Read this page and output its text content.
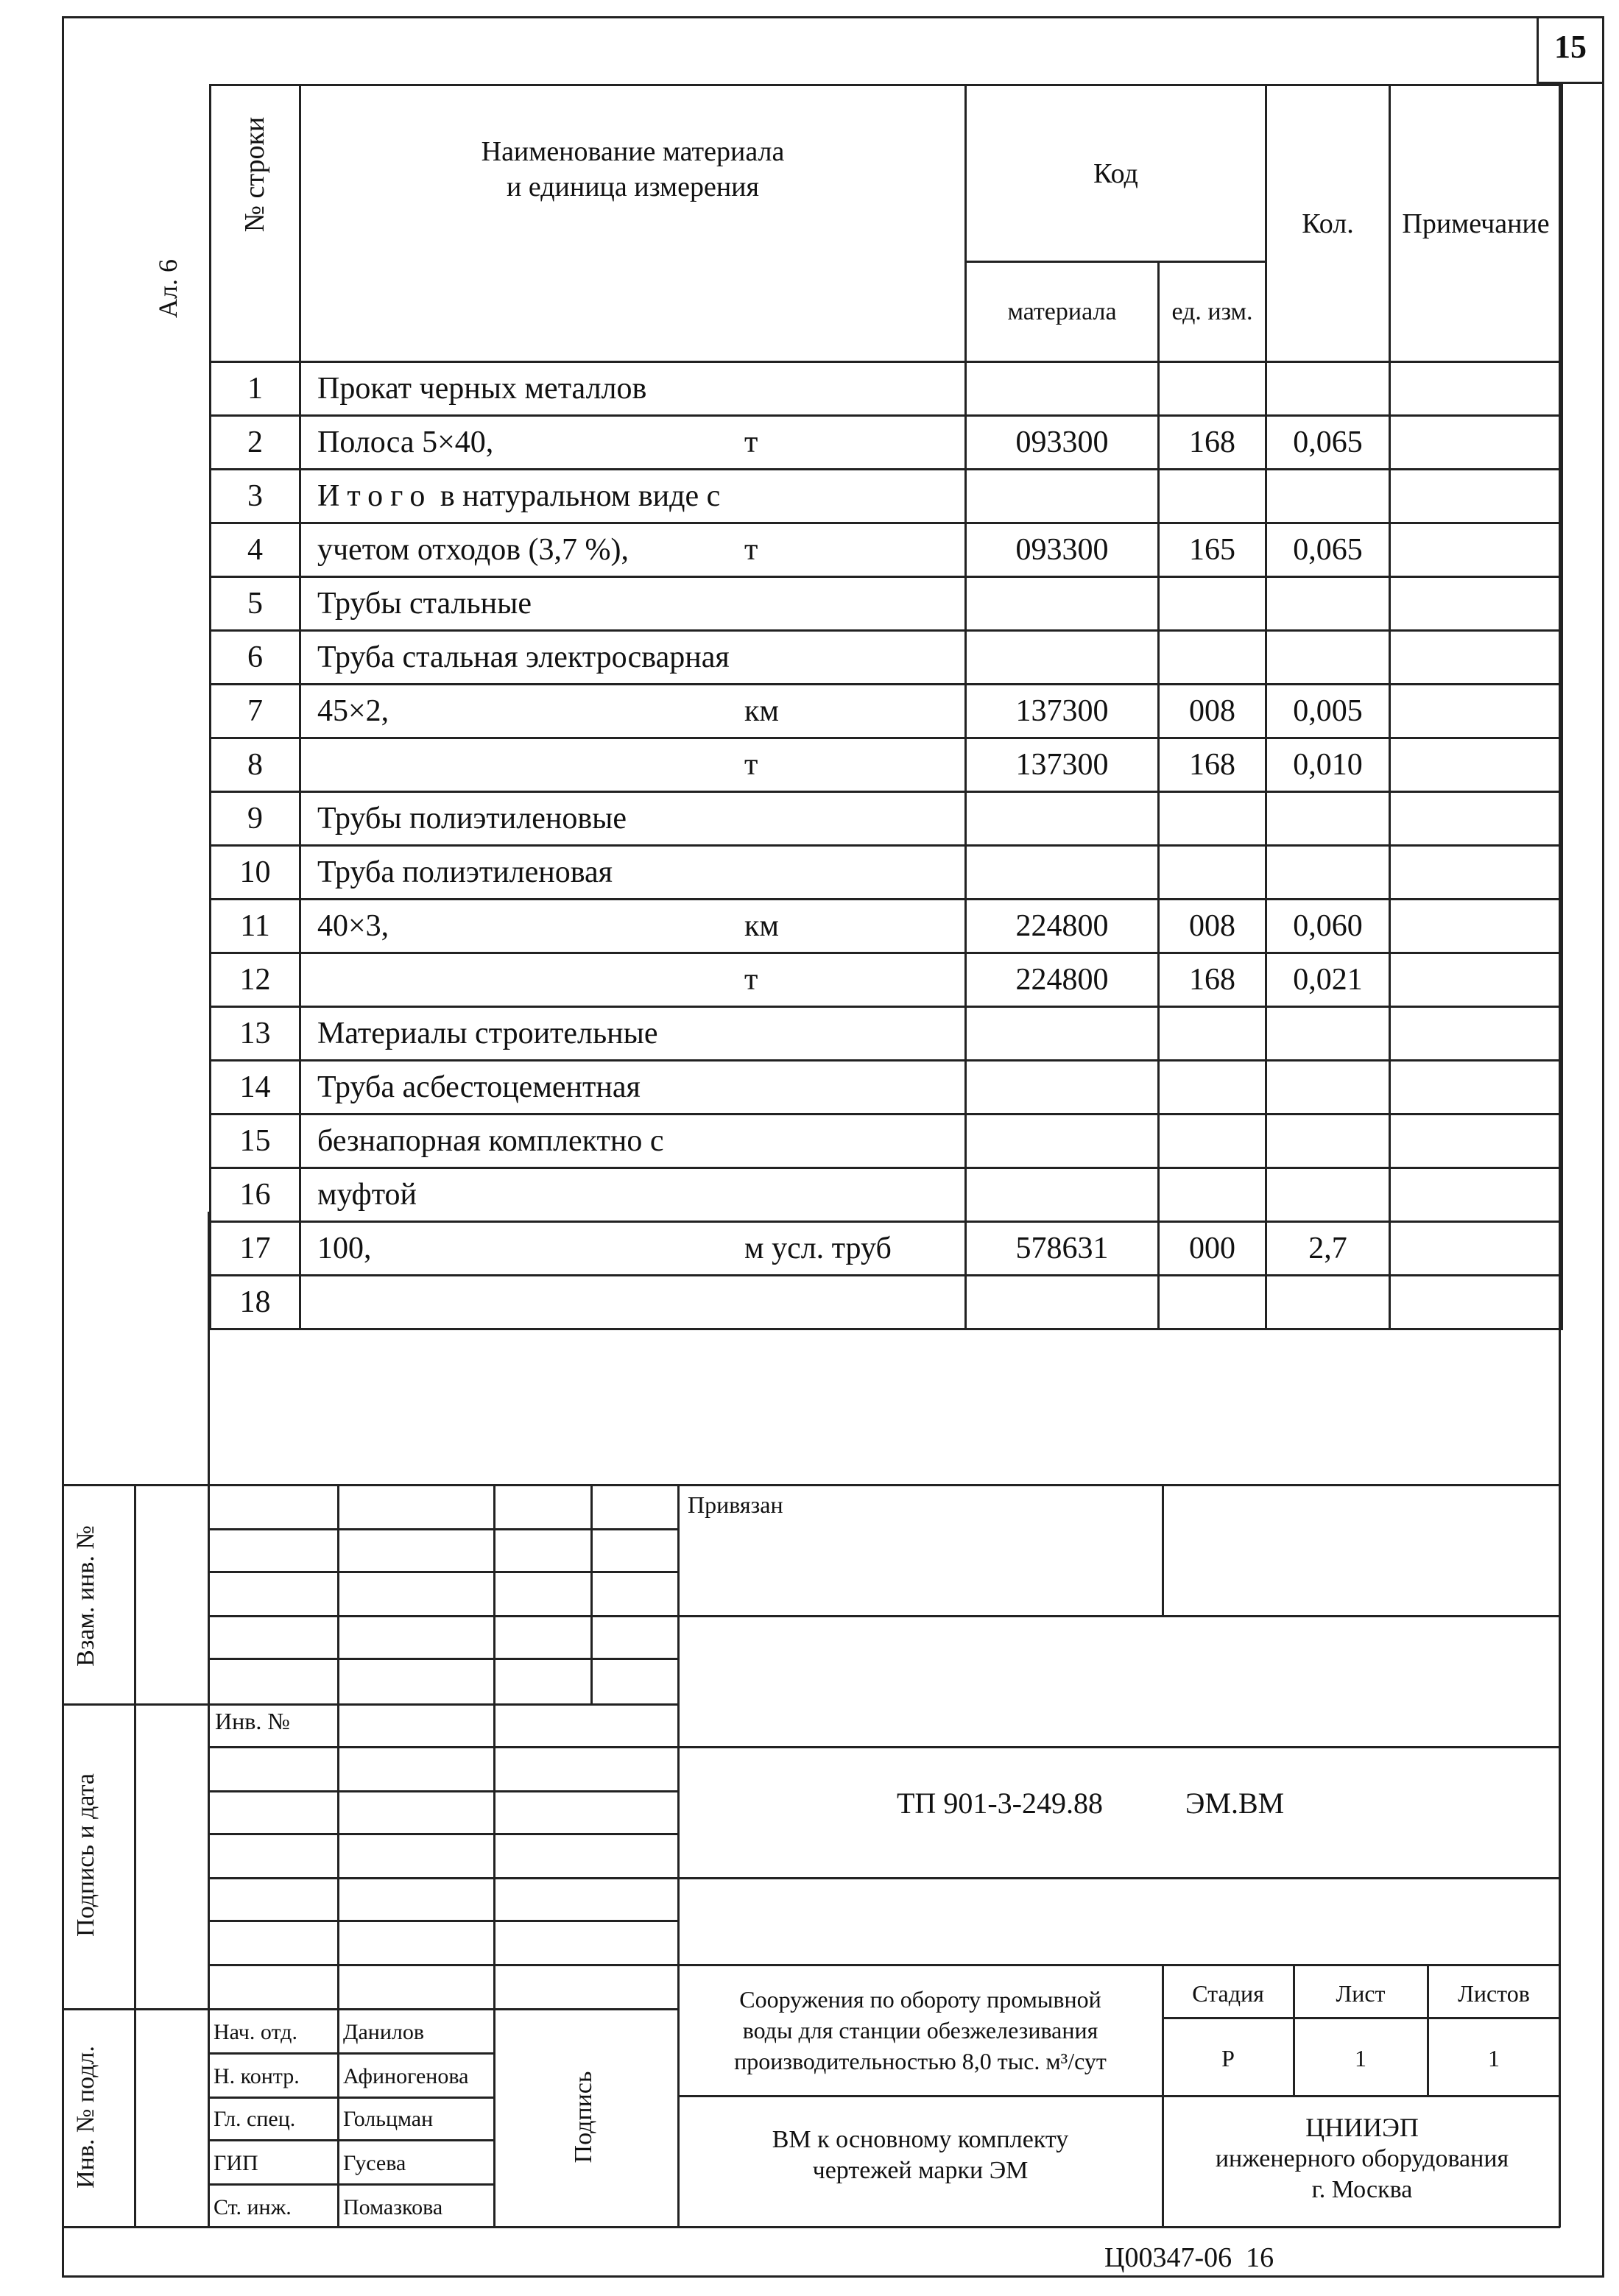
15
Ал. 6
№ строки	Наименование материала
и единица измерения	Код		Кол.	Примечание
		материала	ед. изм.		
1	Прокат черных металлов				

2	Полоса 5×40, т	093300	168	0,065	
3	Итого в натуральном виде с				

4	учетом отходов (3,7 %), т	093300	165	0,065	
5	Трубы стальные				

6	Труба стальная электросварная				

7	45×2, км	137300	008	0,005	
8	т	137300	168	0,010	
9	Трубы полиэтиленовые				

10	Труба полиэтиленовая				

11	40×3, км	224800	008	0,060	
12	т	224800	168	0,021	
13	Материалы строительные				

14	Труба асбестоцементная				

15	безнапорная комплектно с				

16	муфтой				

17	100, м усл. труб	578631	000	2,7	
18	

Взам. инв. №
Подпись и дата
Инв. № подл.
Инв. №
Нач. отд. Данилов
Н. контр. Афиногенова
Гл. спец. Гольцман
ГИП	Гусева
Ст. инж. Помазкова
Подпись
Привязан
ТП 901-3-249.88	ЭМ.ВМ
Сооружения по обороту промывной
воды для станции обезжелезивания
производительностью 8,0 тыс. м³/сут
Стадия	Лист	Листов
Р	1	1
ВМ к основному комплекту
чертежей марки ЭМ
ЦНИИЭП
инженерного оборудования
г. Москва
Ц00347-06  16
